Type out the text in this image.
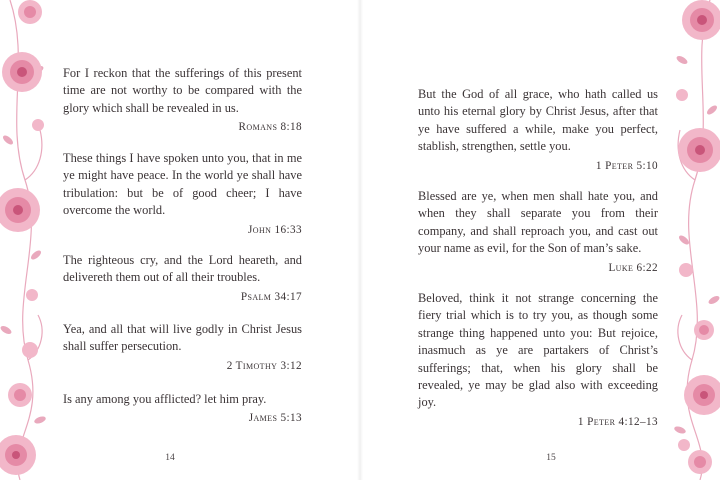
For I reckon that the sufferings of this present time are not worthy to be compared with the glory which shall be revealed in us.

Romans 8:18

These things I have spoken unto you, that in me ye might have peace. In the world ye shall have tribulation: but be of good cheer; I have overcome the world.

John 16:33

The righteous cry, and the Lord heareth, and delivereth them out of all their troubles.

Psalm 34:17

Yea, and all that will live godly in Christ Jesus shall suffer persecution.

2 Timothy 3:12

Is any among you afflicted? let him pray.

James 5:13
14

But the God of all grace, who hath called us unto his eternal glory by Christ Jesus, after that ye have suffered a while, make you perfect, stablish, strengthen, settle you.

1 Peter 5:10

Blessed are ye, when men shall hate you, and when they shall separate you from their company, and shall reproach you, and cast out your name as evil, for the Son of man’s sake.

Luke 6:22

Beloved, think it not strange concerning the fiery trial which is to try you, as though some strange thing happened unto you: But rejoice, inasmuch as ye are partakers of Christ’s sufferings; that, when his glory shall be revealed, ye may be glad also with exceeding joy.

1 Peter 4:12–13
15
